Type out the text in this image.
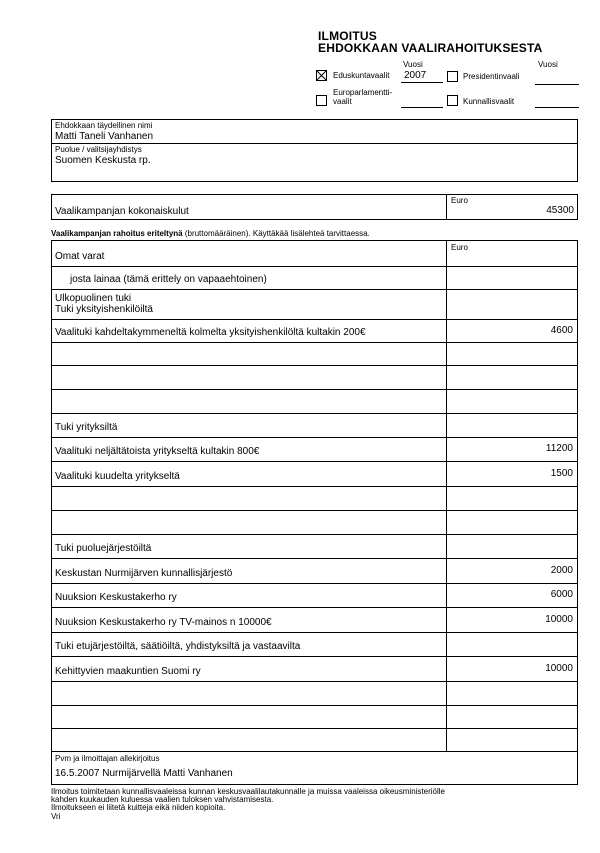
ILMOITUS
EHDOKKAAN VAALIRAHOITUKSESTA
Vuosi
2007
Vuosi
Eduskuntavaalit	Presidentinvaali
Europarlamentti-
vaalit	Kunnallisvaalit
Ehdokkaan täydellinen nimi
Matti Taneli Vanhanen
Puolue / valitsijayhdistys
Suomen Keskusta rp.
Euro
Vaalikampanjan kokonaiskulut	45300
Vaalikampanjan rahoitus eriteltynä (bruttomääräinen). Käyttäkää lisälehteä tarvittaessa.
Euro
Omat varat
josta lainaa (tämä erittely on vapaaehtoinen)
Tuki yksityishenkilöiltä
Ulkopuolinen tuki
Vaalituki kahdeltakymmeneltä kolmelta yksityishenkilöltä kultakin 200€	4600
Tuki yrityksiltä
Vaalituki neljältätoista yritykseltä kultakin 800€	11200
Vaalituki kuudelta yritykseltä	1500
Tuki puoluejärjestöiltä
Keskustan Nurmijärven kunnallisjärjestö	2000
Nuuksion Keskustakerho ry	6000
Nuuksion Keskustakerho ry TV-mainos n 10000€	10000
Tuki etujärjestöiltä, säätiöiltä, yhdistyksiltä ja vastaavilta
Kehittyvien maakuntien Suomi ry	10000
Pvm ja ilmoittajan allekirjoitus
16.5.2007 Nurmijärvellä Matti Vanhanen
Ilmoitus toimitetaan kunnallisvaaleissa kunnan keskusvaalilautakunnalle ja muissa vaaleissa oikeusministeriölle
kahden kuukauden kuluessa vaalien tuloksen vahvistamisesta.
Ilmoitukseen ei liitetä kuitteja eikä niiden kopioita.
Vri
